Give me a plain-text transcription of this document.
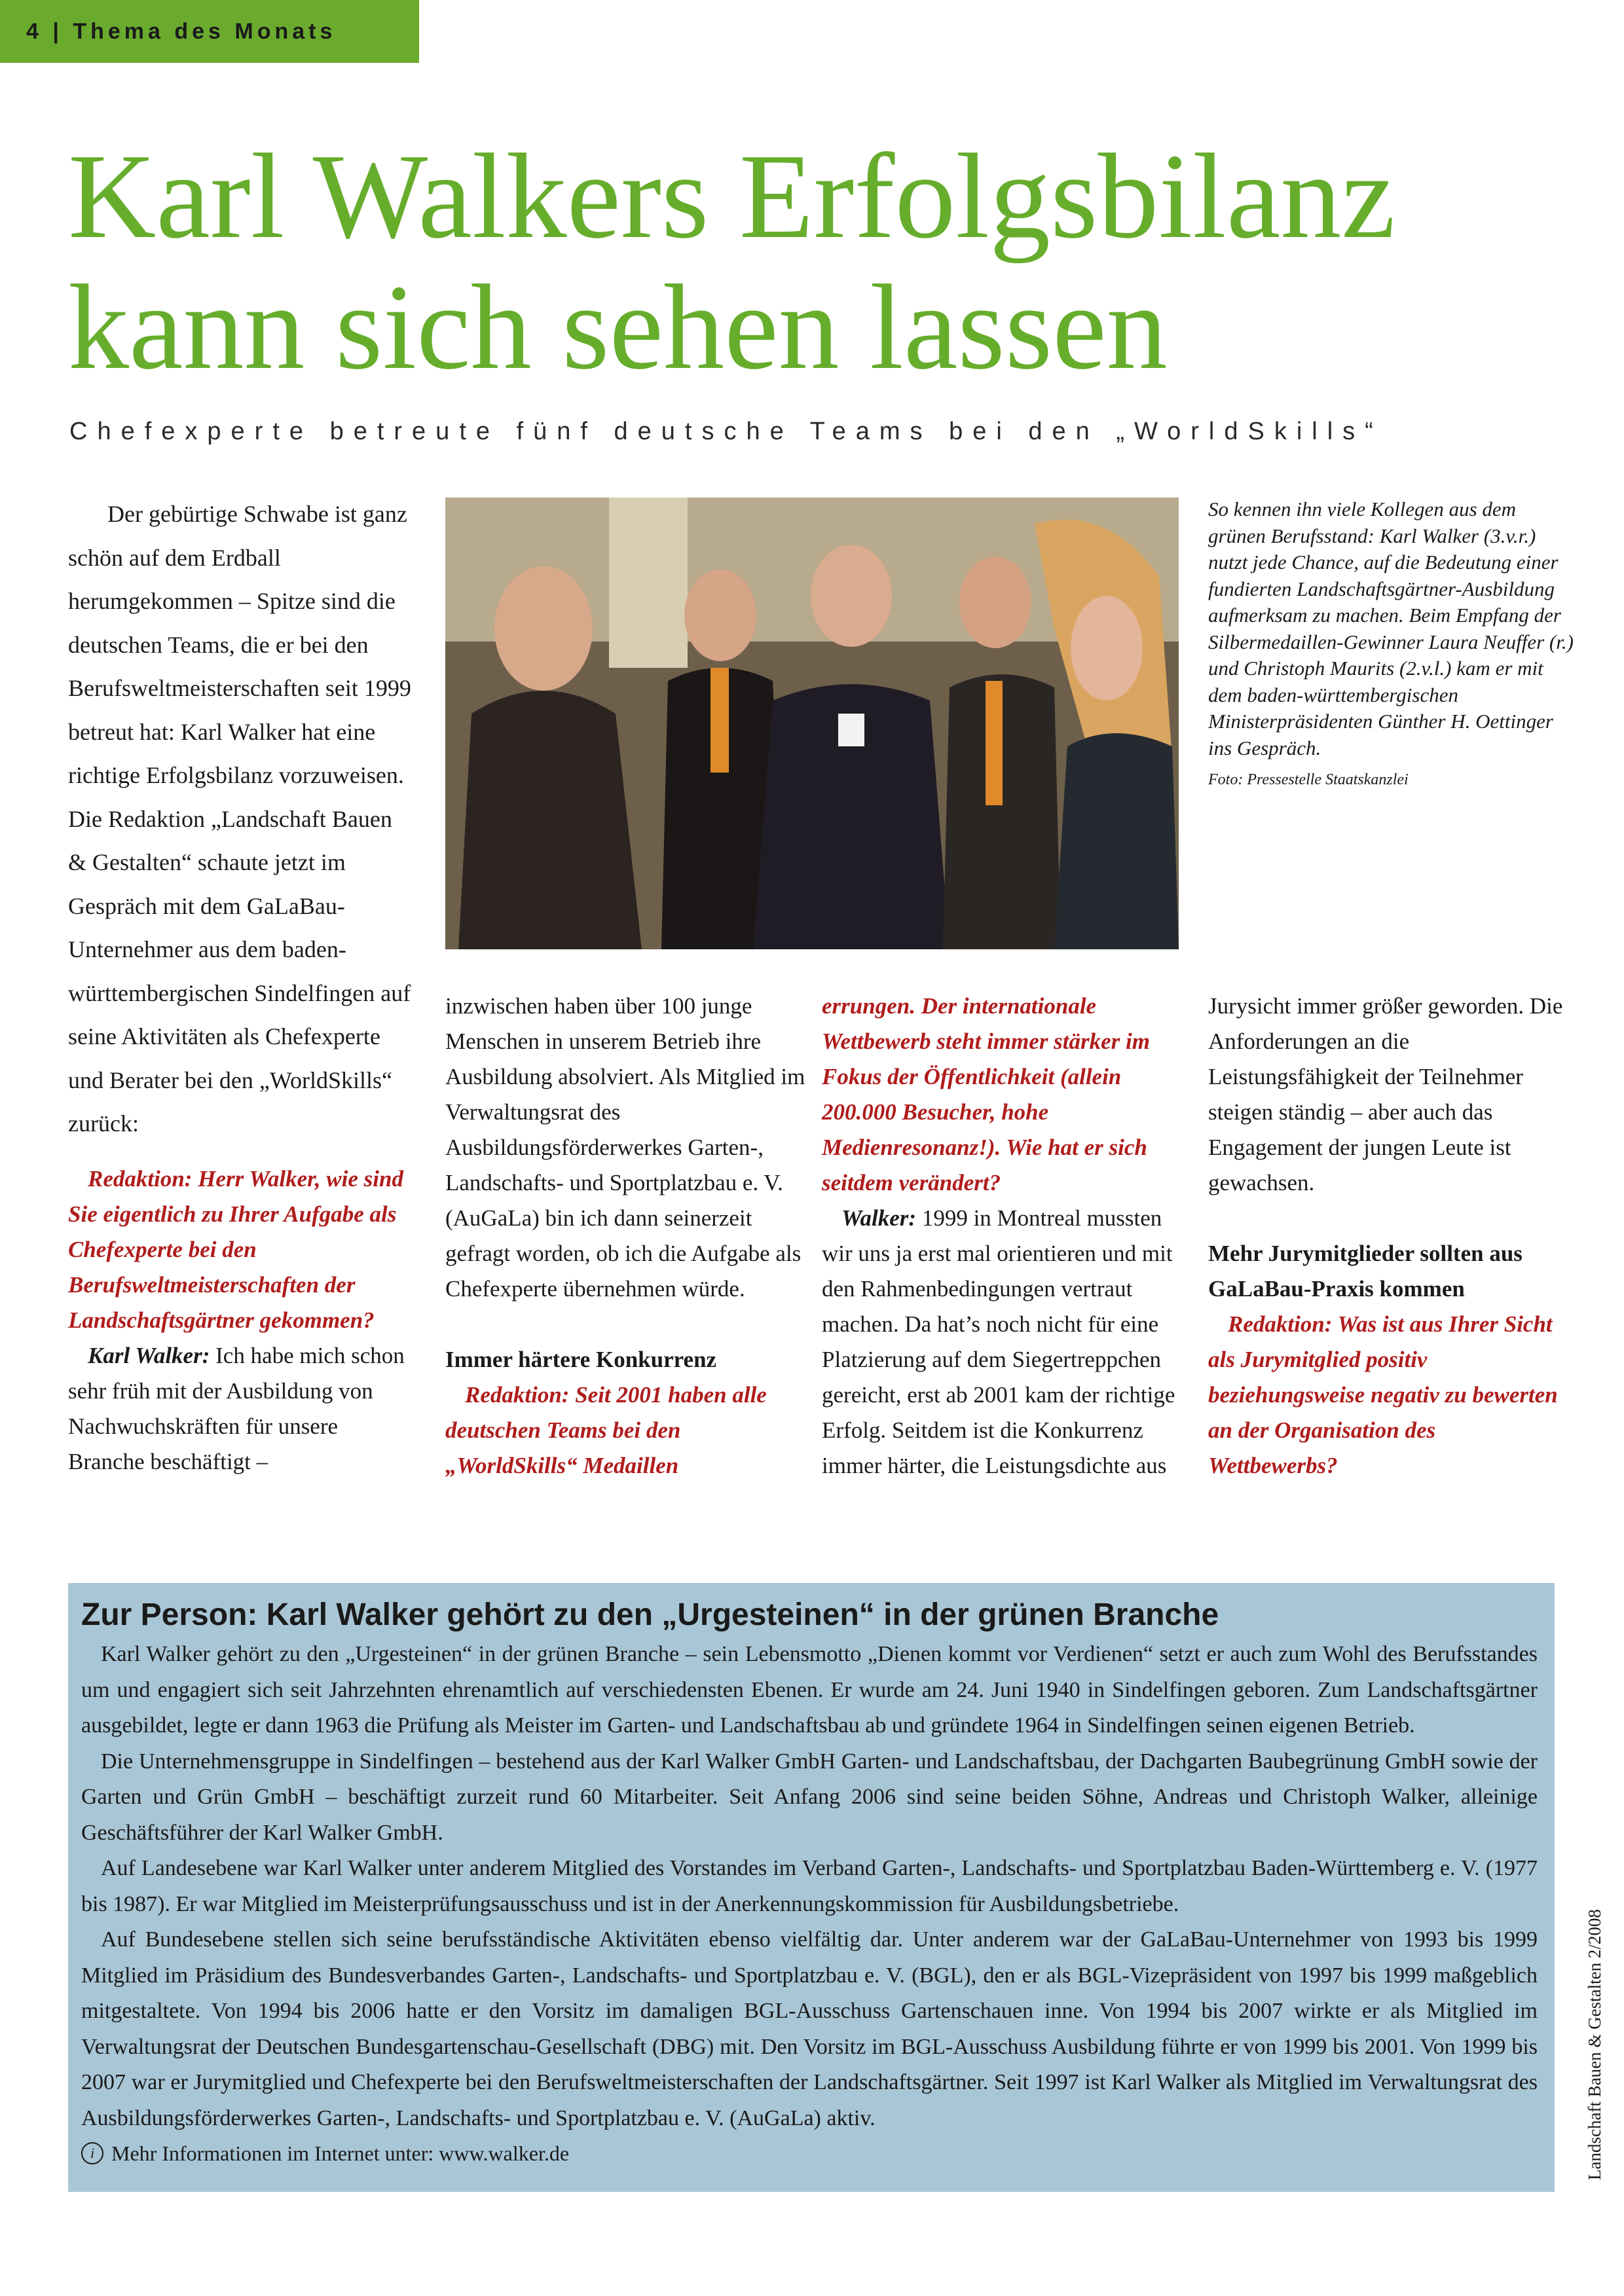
4 | Thema des Monats
Karl Walkers Erfolgsbilanz
kann sich sehen lassen
Chefexperte betreute fünf deutsche Teams bei den „WorldSkills“

Der gebürtige Schwabe ist ganz schön auf dem Erdball herumgekommen – Spitze sind die deutschen Teams, die er bei den Berufsweltmeisterschaften seit 1999 betreut hat: Karl Walker hat eine richtige Erfolgsbilanz vorzuweisen. Die Redaktion „Landschaft Bauen & Gestalten“ schaute jetzt im Gespräch mit dem GaLaBau-Unternehmer aus dem baden-württembergischen Sindelfingen auf seine Aktivitäten als Chefexperte und Berater bei den „WorldSkills“ zurück:

Redaktion: Herr Walker, wie sind Sie eigentlich zu Ihrer Aufgabe als Chefexperte bei den Berufsweltmeisterschaften der Landschaftsgärtner gekommen?

Karl Walker: Ich habe mich schon sehr früh mit der Ausbildung von Nachwuchskräften für unsere Branche beschäftigt –

So kennen ihn viele Kollegen aus dem grünen Berufsstand: Karl Walker (3.v.r.) nutzt jede Chance, auf die Bedeutung einer fundierten Landschaftsgärtner-Ausbildung aufmerksam zu machen. Beim Empfang der Silbermedaillen-Gewinner Laura Neuffer (r.) und Christoph Maurits (2.v.l.) kam er mit dem baden-württembergischen Ministerpräsidenten Günther H. Oettinger ins Gespräch.
Foto: Pressestelle Staatskanzlei

inzwischen haben über 100 junge Menschen in unserem Betrieb ihre Ausbildung absolviert. Als Mitglied im Verwaltungsrat des Ausbildungsförderwerkes Garten-, Landschafts- und Sportplatzbau e. V. (AuGaLa) bin ich dann seinerzeit gefragt worden, ob ich die Aufgabe als Chefexperte übernehmen würde.

Immer härtere Konkurrenz

Redaktion: Seit 2001 haben alle deutschen Teams bei den „WorldSkills“ Medaillen

errungen. Der internationale Wettbewerb steht immer stärker im Fokus der Öffentlichkeit (allein 200.000 Besucher, hohe Medienresonanz!). Wie hat er sich seitdem verändert?

Walker: 1999 in Montreal mussten wir uns ja erst mal orientieren und mit den Rahmenbedingungen vertraut machen. Da hat’s noch nicht für eine Platzierung auf dem Siegertreppchen gereicht, erst ab 2001 kam der richtige Erfolg. Seitdem ist die Konkurrenz immer härter, die Leistungsdichte aus

Jurysicht immer größer geworden. Die Anforderungen an die Leistungsfähigkeit der Teilnehmer steigen ständig – aber auch das Engagement der jungen Leute ist gewachsen.

Mehr Jurymitglieder sollten aus GaLaBau-Praxis kommen

Redaktion: Was ist aus Ihrer Sicht als Jurymitglied positiv beziehungsweise negativ zu bewerten an der Organisation des Wettbewerbs?

Zur Person: Karl Walker gehört zu den „Urgesteinen“ in der grünen Branche

Karl Walker gehört zu den „Urgesteinen“ in der grünen Branche – sein Lebensmotto „Dienen kommt vor Verdienen“ setzt er auch zum Wohl des Berufsstandes um und engagiert sich seit Jahrzehnten ehrenamtlich auf verschiedensten Ebenen. Er wurde am 24. Juni 1940 in Sindelfingen geboren. Zum Landschaftsgärtner ausgebildet, legte er dann 1963 die Prüfung als Meister im Garten- und Landschaftsbau ab und gründete 1964 in Sindelfingen seinen eigenen Betrieb.

Die Unternehmensgruppe in Sindelfingen – bestehend aus der Karl Walker GmbH Garten- und Landschaftsbau, der Dachgarten Baubegrünung GmbH sowie der Garten und Grün GmbH – beschäftigt zurzeit rund 60 Mitarbeiter. Seit Anfang 2006 sind seine beiden Söhne, Andreas und Christoph Walker, alleinige Geschäftsführer der Karl Walker GmbH.

Auf Landesebene war Karl Walker unter anderem Mitglied des Vorstandes im Verband Garten-, Landschafts- und Sportplatzbau Baden-Württemberg e. V. (1977 bis 1987). Er war Mitglied im Meisterprüfungsausschuss und ist in der Anerkennungskommission für Ausbildungsbetriebe.

Auf Bundesebene stellen sich seine berufsständische Aktivitäten ebenso vielfältig dar. Unter anderem war der GaLaBau-Unternehmer von 1993 bis 1999 Mitglied im Präsidium des Bundesverbandes Garten-, Landschafts- und Sportplatzbau e. V. (BGL), den er als BGL-Vizepräsident von 1997 bis 1999 maßgeblich mitgestaltete. Von 1994 bis 2006 hatte er den Vorsitz im damaligen BGL-Ausschuss Gartenschauen inne. Von 1994 bis 2007 wirkte er als Mitglied im Verwaltungsrat der Deutschen Bundesgartenschau-Gesellschaft (DBG) mit. Den Vorsitz im BGL-Ausschuss Ausbildung führte er von 1999 bis 2001. Von 1999 bis 2007 war er Jurymitglied und Chefexperte bei den Berufsweltmeisterschaften der Landschaftsgärtner. Seit 1997 ist Karl Walker als Mitglied im Verwaltungsrat des Ausbildungsförderwerkes Garten-, Landschafts- und Sportplatzbau e. V. (AuGaLa) aktiv.

i Mehr Informationen im Internet unter: www.walker.de	Landschaft Bauen & Gestalten 2/2008
